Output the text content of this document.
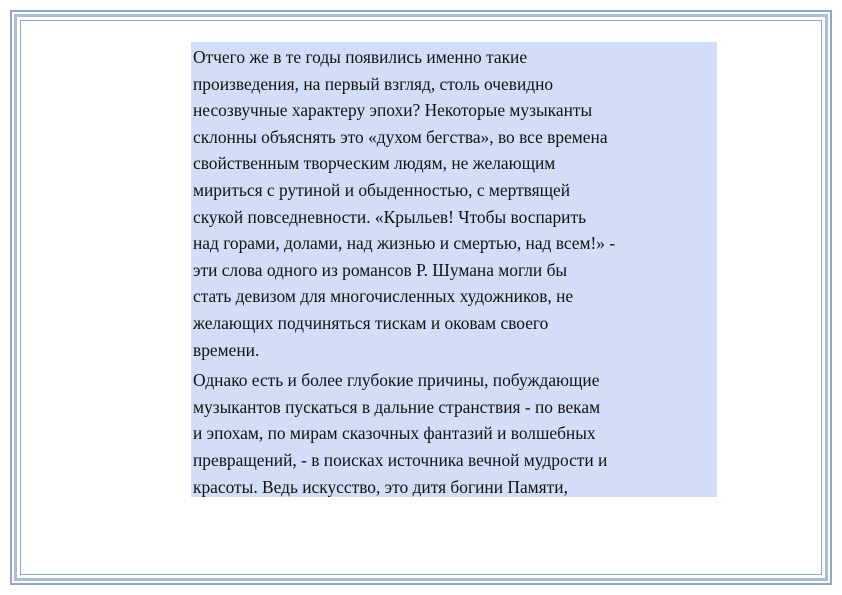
Отчего же в те годы появились именно такие
произведения, на первый взгляд, столь очевидно
несозвучные характеру эпохи? Некоторые музыканты
склонны объяснять это «духом бегства», во все времена
свойственным творческим людям, не желающим
мириться с рутиной и обыденностью, с мертвящей
скукой повседневности. «Крыльев! Чтобы воспарить
над горами, долами, над жизнью и смертью, над всем!» -
эти слова одного из романсов Р. Шумана могли бы
стать девизом для многочисленных художников, не
желающих подчиняться тискам и оковам своего
времени.

Однако есть и более глубокие причины, побуждающие
музыкантов пускаться в дальние странствия - по векам
и эпохам, по мирам сказочных фантазий и волшебных
превращений, - в поисках источника вечной мудрости и
красоты. Ведь искусство, это дитя богини Памяти,
